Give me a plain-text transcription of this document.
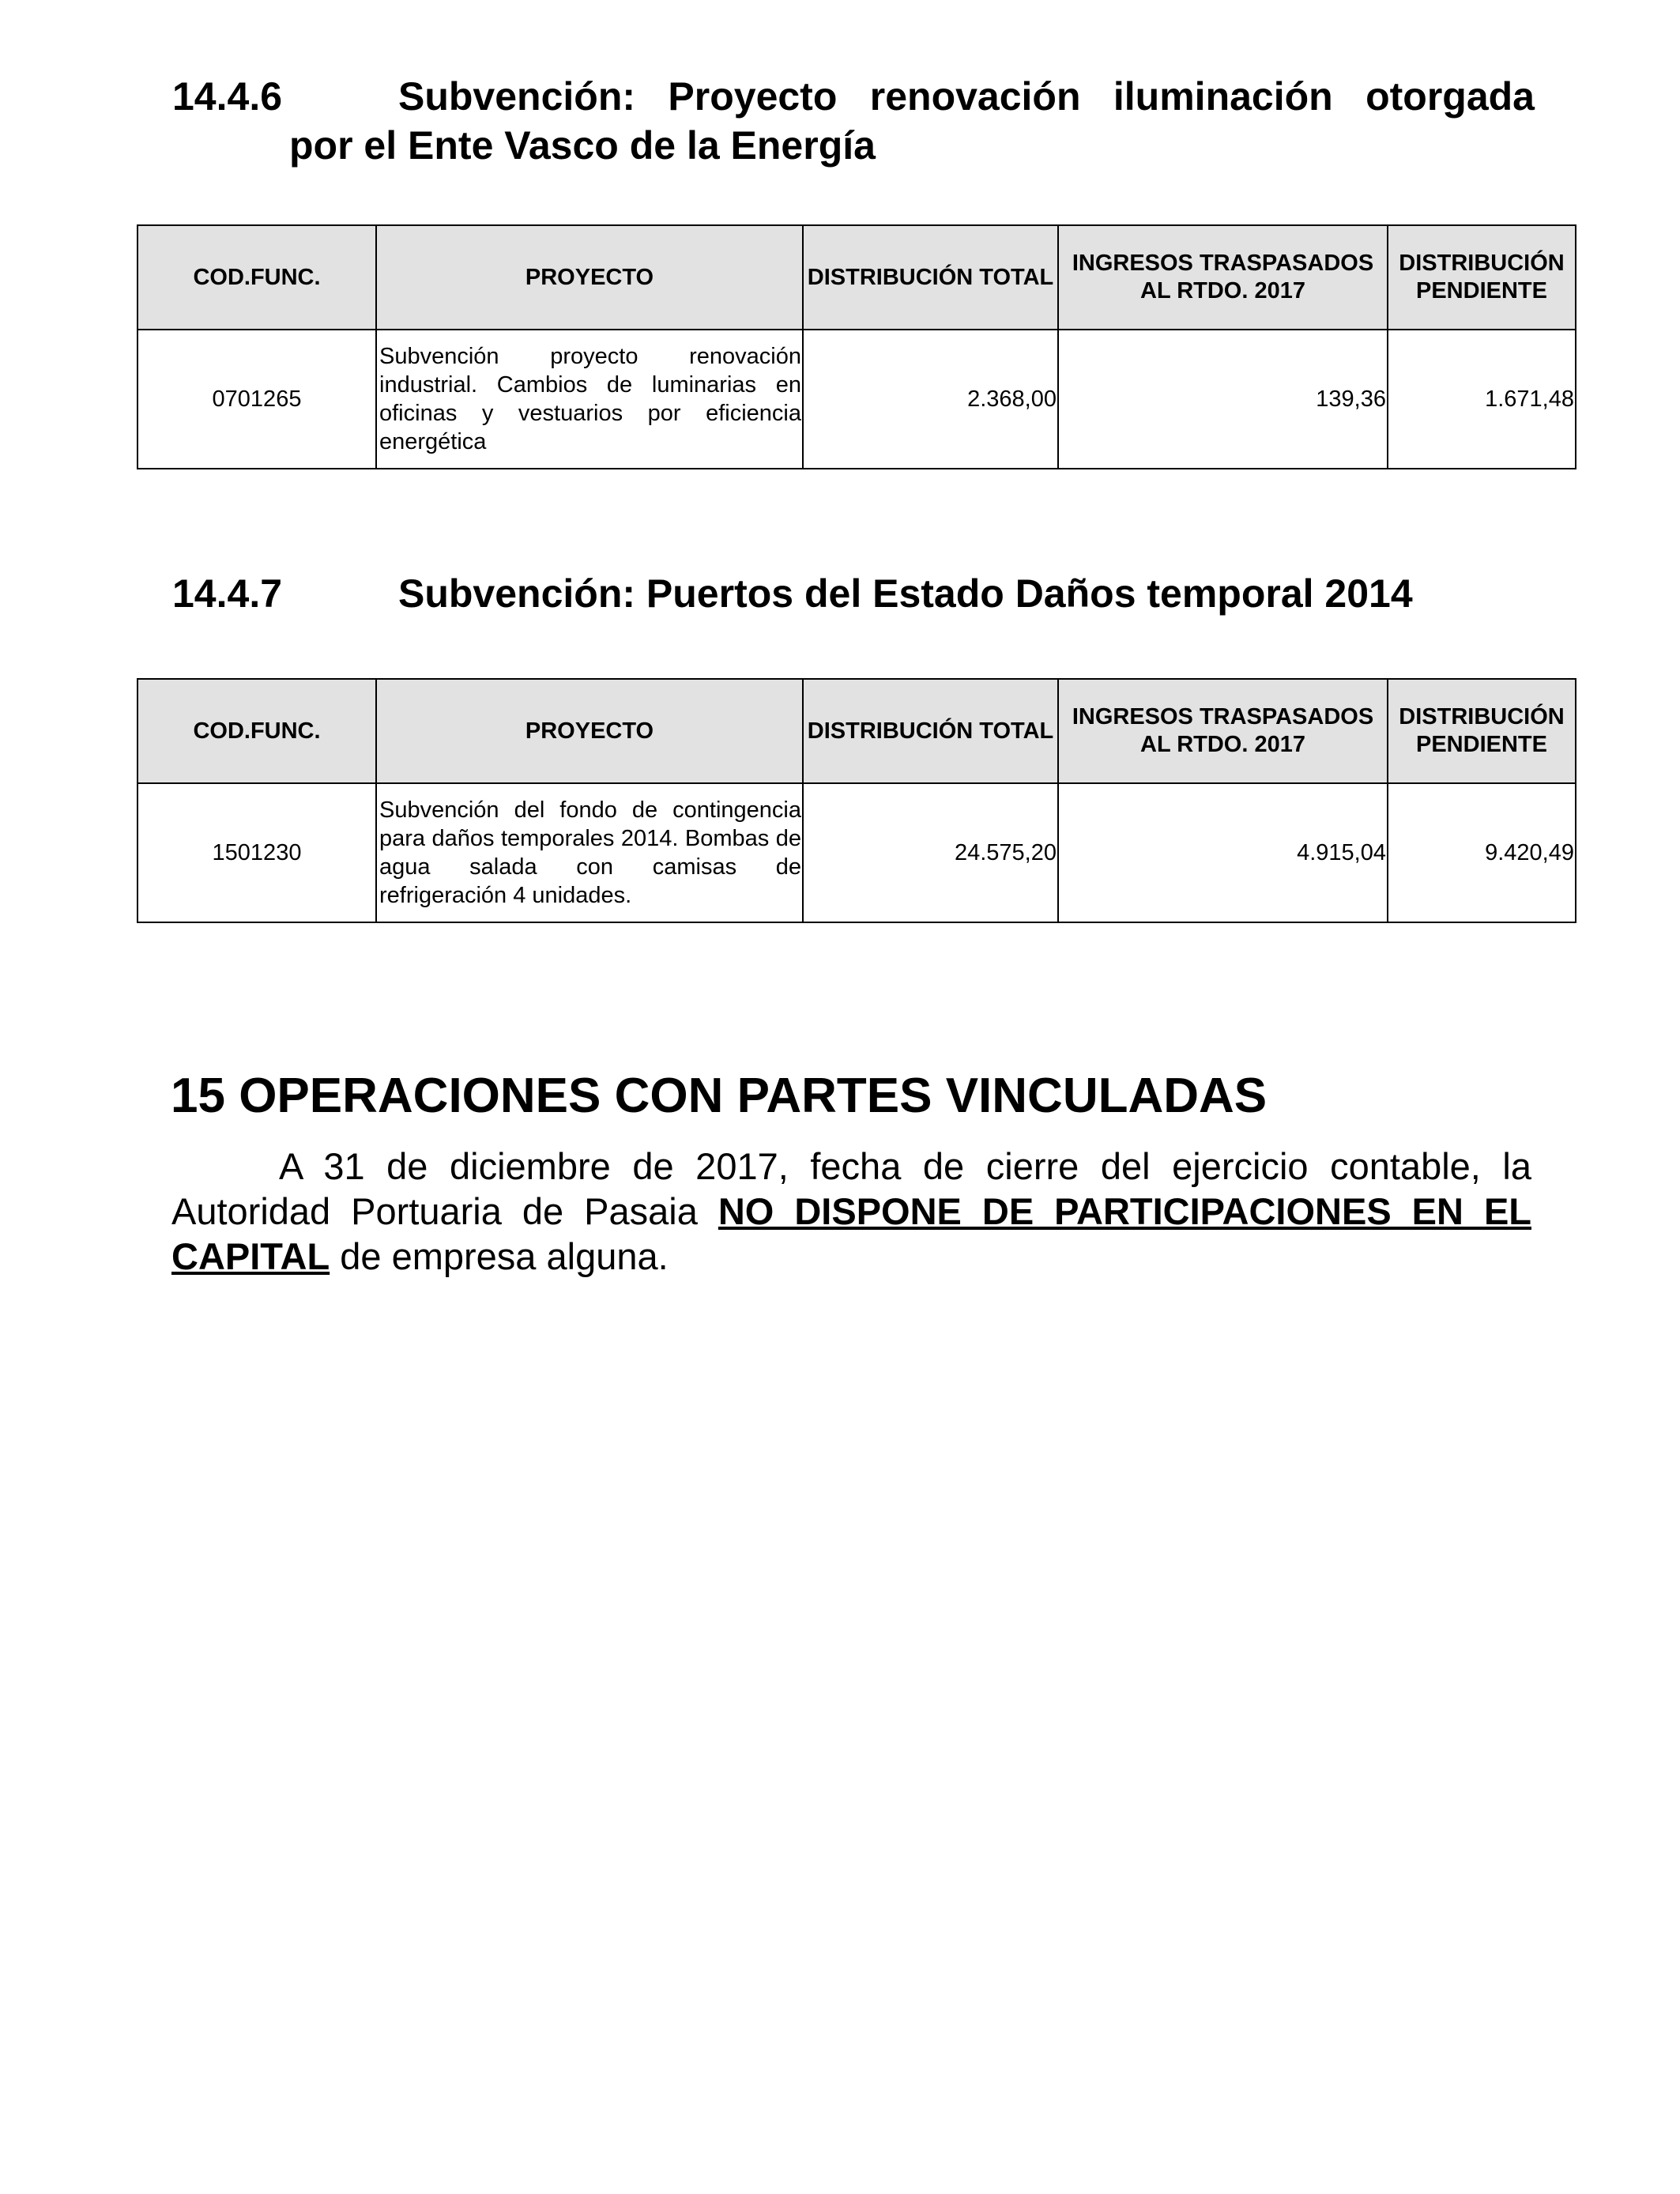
14.4.6	Subvención: Proyecto renovación iluminación otorgada
por el Ente Vasco de la Energía
COD.FUNC.	PROYECTO	DISTRIBUCIÓN TOTAL	INGRESOS TRASPASADOS AL RTDO. 2017	DISTRIBUCIÓN PENDIENTE
0701265	Subvención proyecto renovación industrial. Cambios de luminarias en oficinas y vestuarios por eficiencia energética	2.368,00	139,36	1.671,48
14.4.7	Subvención: Puertos del Estado Daños temporal 2014
COD.FUNC.	PROYECTO	DISTRIBUCIÓN TOTAL	INGRESOS TRASPASADOS AL RTDO. 2017	DISTRIBUCIÓN PENDIENTE
1501230	Subvención del fondo de contingencia para daños temporales 2014. Bombas de agua salada con camisas de refrigeración 4 unidades.	24.575,20	4.915,04	9.420,49
15 OPERACIONES CON PARTES VINCULADAS

A 31 de diciembre de 2017, fecha de cierre del ejercicio contable, la Autoridad Portuaria de Pasaia NO DISPONE DE PARTICIPACIONES EN EL CAPITAL de empresa alguna.
